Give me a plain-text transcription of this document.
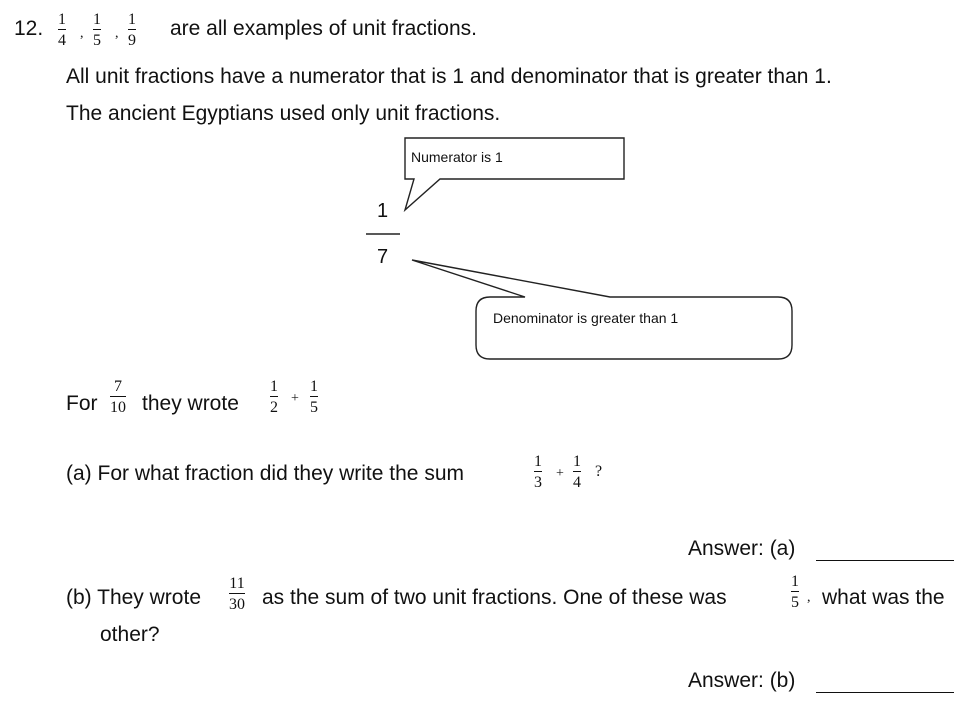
12. 1
4 ,
1
5 ,
1
9
are all examples of unit fractions.
All unit fractions have a numerator that is 1 and denominator that is greater than 1.
The ancient Egyptians used only unit fractions.
Numerator is 1
Denominator is greater than 1
1
7
For
7
10 they wrote
1
2
+
1
5
(a) For what fraction did they write the sum
1
3
+
1
4
?
Answer: (a)
(b) They wrote
11
30 as the sum of two unit fractions. One of these was
1
5 , what was the
other?
Answer: (b)
